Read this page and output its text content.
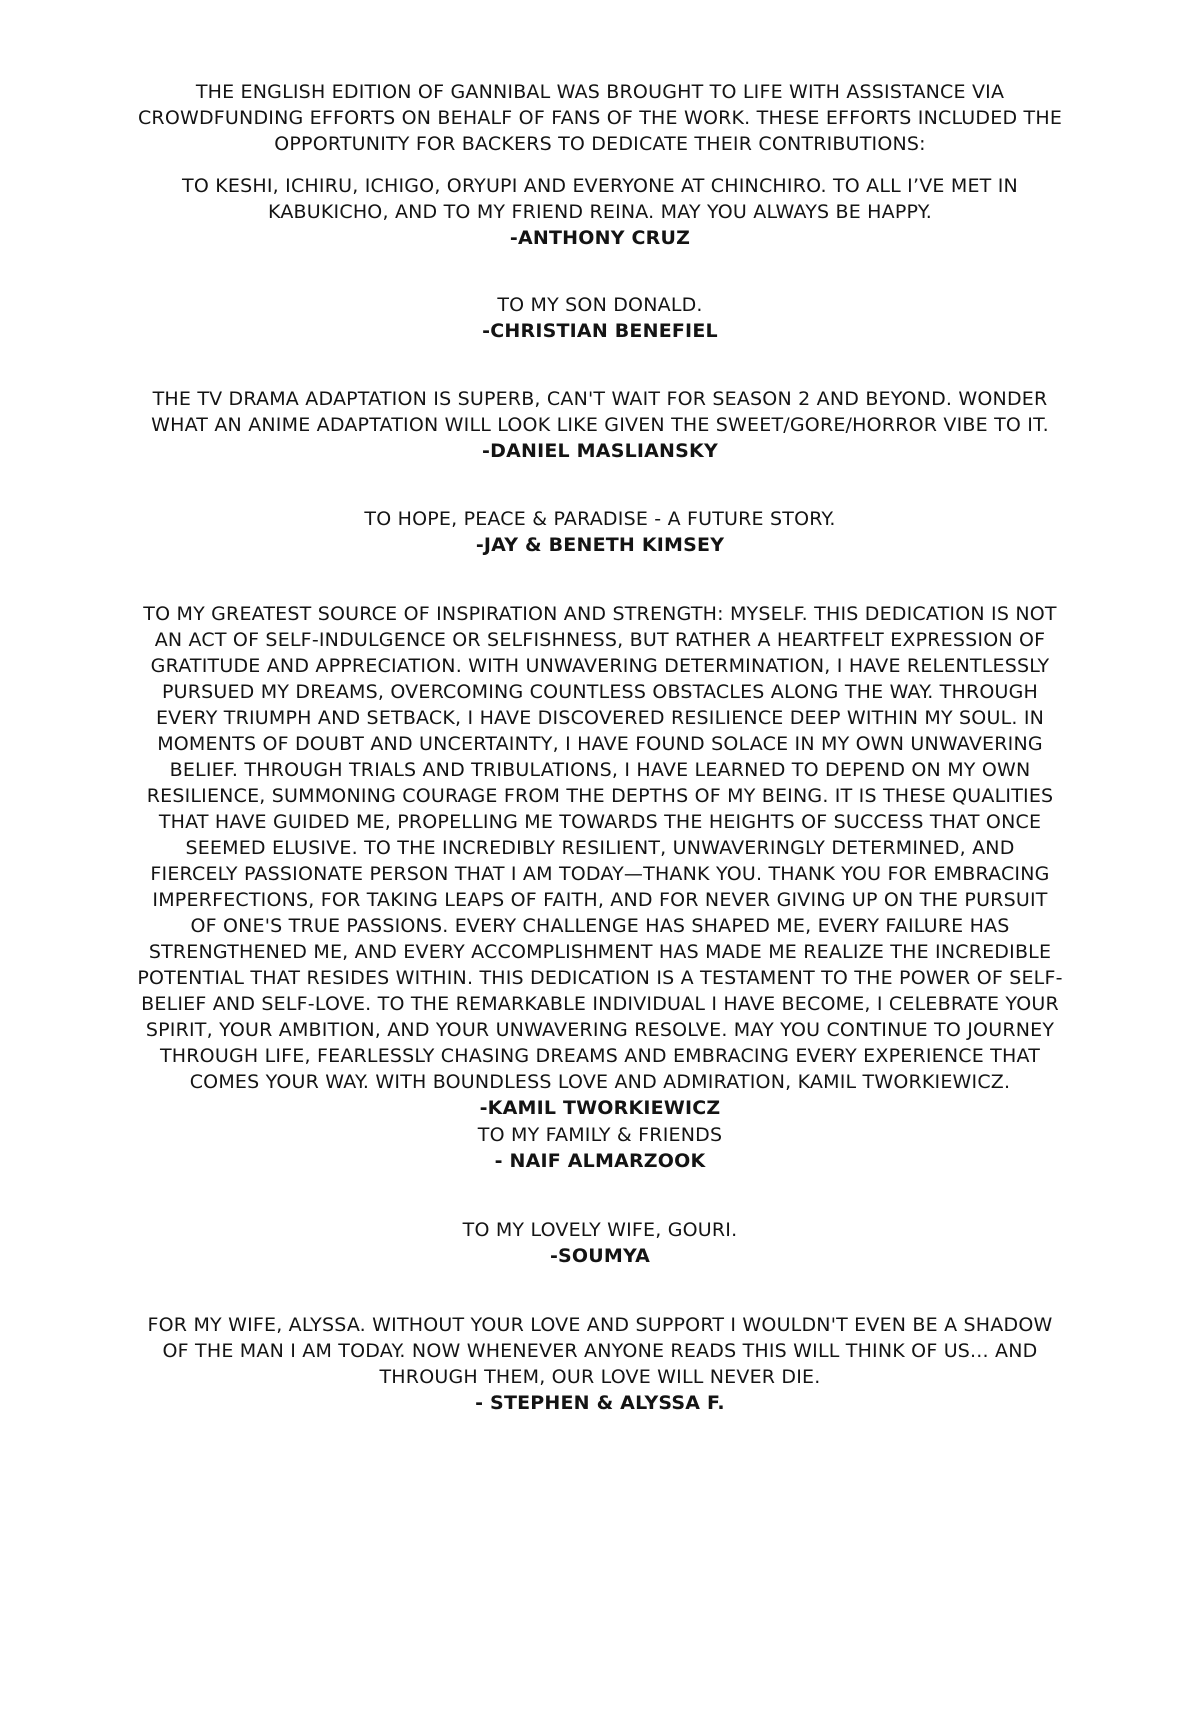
THE ENGLISH EDITION OF GANNIBAL WAS BROUGHT TO LIFE WITH ASSISTANCE VIA
CROWDFUNDING EFFORTS ON BEHALF OF FANS OF THE WORK. THESE EFFORTS INCLUDED THE
OPPORTUNITY FOR BACKERS TO DEDICATE THEIR CONTRIBUTIONS:
TO KESHI, ICHIRU, ICHIGO, ORYUPI AND EVERYONE AT CHINCHIRO. TO ALL I’VE MET IN
KABUKICHO, AND TO MY FRIEND REINA. MAY YOU ALWAYS BE HAPPY.
-ANTHONY CRUZ
TO MY SON DONALD.
-CHRISTIAN BENEFIEL
THE TV DRAMA ADAPTATION IS SUPERB, CAN'T WAIT FOR SEASON 2 AND BEYOND. WONDER
WHAT AN ANIME ADAPTATION WILL LOOK LIKE GIVEN THE SWEET/GORE/HORROR VIBE TO IT.
-DANIEL MASLIANSKY
TO HOPE, PEACE & PARADISE - A FUTURE STORY.
-JAY & BENETH KIMSEY
TO MY GREATEST SOURCE OF INSPIRATION AND STRENGTH: MYSELF. THIS DEDICATION IS NOT
AN ACT OF SELF-INDULGENCE OR SELFISHNESS, BUT RATHER A HEARTFELT EXPRESSION OF
GRATITUDE AND APPRECIATION. WITH UNWAVERING DETERMINATION, I HAVE RELENTLESSLY
PURSUED MY DREAMS, OVERCOMING COUNTLESS OBSTACLES ALONG THE WAY. THROUGH
EVERY TRIUMPH AND SETBACK, I HAVE DISCOVERED RESILIENCE DEEP WITHIN MY SOUL. IN
MOMENTS OF DOUBT AND UNCERTAINTY, I HAVE FOUND SOLACE IN MY OWN UNWAVERING
BELIEF. THROUGH TRIALS AND TRIBULATIONS, I HAVE LEARNED TO DEPEND ON MY OWN
RESILIENCE, SUMMONING COURAGE FROM THE DEPTHS OF MY BEING. IT IS THESE QUALITIES
THAT HAVE GUIDED ME, PROPELLING ME TOWARDS THE HEIGHTS OF SUCCESS THAT ONCE
SEEMED ELUSIVE. TO THE INCREDIBLY RESILIENT, UNWAVERINGLY DETERMINED, AND
FIERCELY PASSIONATE PERSON THAT I AM TODAY—THANK YOU. THANK YOU FOR EMBRACING
IMPERFECTIONS, FOR TAKING LEAPS OF FAITH, AND FOR NEVER GIVING UP ON THE PURSUIT
OF ONE'S TRUE PASSIONS. EVERY CHALLENGE HAS SHAPED ME, EVERY FAILURE HAS
STRENGTHENED ME, AND EVERY ACCOMPLISHMENT HAS MADE ME REALIZE THE INCREDIBLE
POTENTIAL THAT RESIDES WITHIN. THIS DEDICATION IS A TESTAMENT TO THE POWER OF SELF-
BELIEF AND SELF-LOVE. TO THE REMARKABLE INDIVIDUAL I HAVE BECOME, I CELEBRATE YOUR
SPIRIT, YOUR AMBITION, AND YOUR UNWAVERING RESOLVE. MAY YOU CONTINUE TO JOURNEY
THROUGH LIFE, FEARLESSLY CHASING DREAMS AND EMBRACING EVERY EXPERIENCE THAT
COMES YOUR WAY. WITH BOUNDLESS LOVE AND ADMIRATION, KAMIL TWORKIEWICZ.
-KAMIL TWORKIEWICZ
TO MY FAMILY & FRIENDS
- NAIF ALMARZOOK
TO MY LOVELY WIFE, GOURI.
-SOUMYA
FOR MY WIFE, ALYSSA. WITHOUT YOUR LOVE AND SUPPORT I WOULDN'T EVEN BE A SHADOW
OF THE MAN I AM TODAY. NOW WHENEVER ANYONE READS THIS WILL THINK OF US... AND
THROUGH THEM, OUR LOVE WILL NEVER DIE.
- STEPHEN & ALYSSA F.
